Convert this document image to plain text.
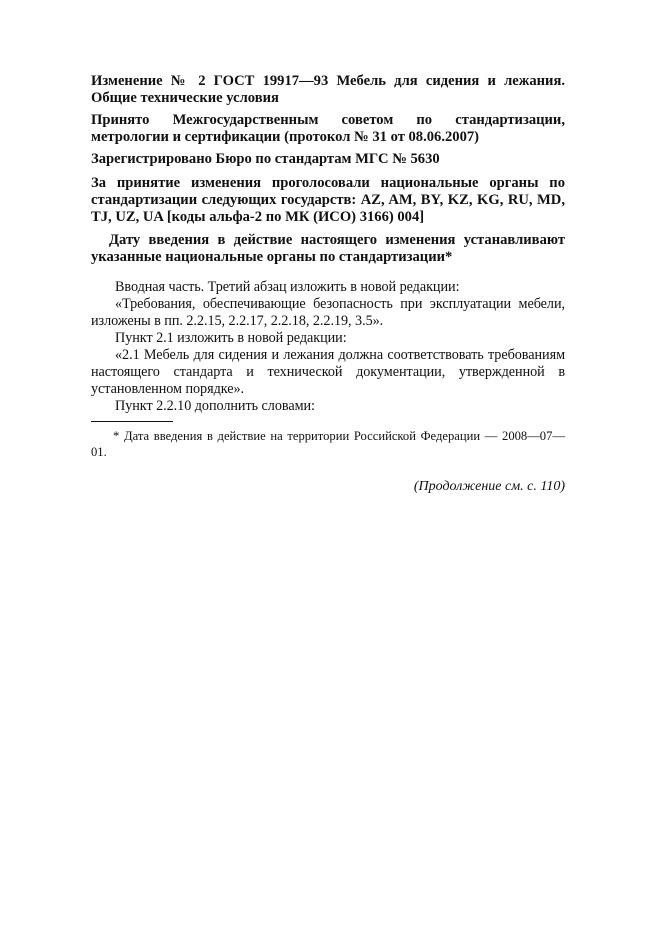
Изменение № 2 ГОСТ 19917—93 Мебель для сидения и лежания. Общие технические условия

Принято Межгосударственным советом по стандартизации, метрологии и сертификации (протокол № 31 от 08.06.2007)

Зарегистрировано Бюро по стандартам МГС № 5630

За принятие изменения проголосовали национальные органы по стандартизации следующих государств: AZ, AM, BY, KZ, KG, RU, MD, TJ, UZ, UA [коды альфа-2 по МК (ИСО) 3166) 004]

Дату введения в действие настоящего изменения устанавливают указанные национальные органы по стандартизации*

Вводная часть. Третий абзац изложить в новой редакции:

«Требования, обеспечивающие безопасность при эксплуатации мебели, изложены в пп. 2.2.15, 2.2.17, 2.2.18, 2.2.19, 3.5».

Пункт 2.1 изложить в новой редакции:

«2.1 Мебель для сидения и лежания должна соответствовать требованиям настоящего стандарта и технической документации, утвержденной в установленном порядке».

Пункт 2.2.10 дополнить словами:

* Дата введения в действие на территории Российской Федерации — 2008—07—01.

(Продолжение см. с. 110)
